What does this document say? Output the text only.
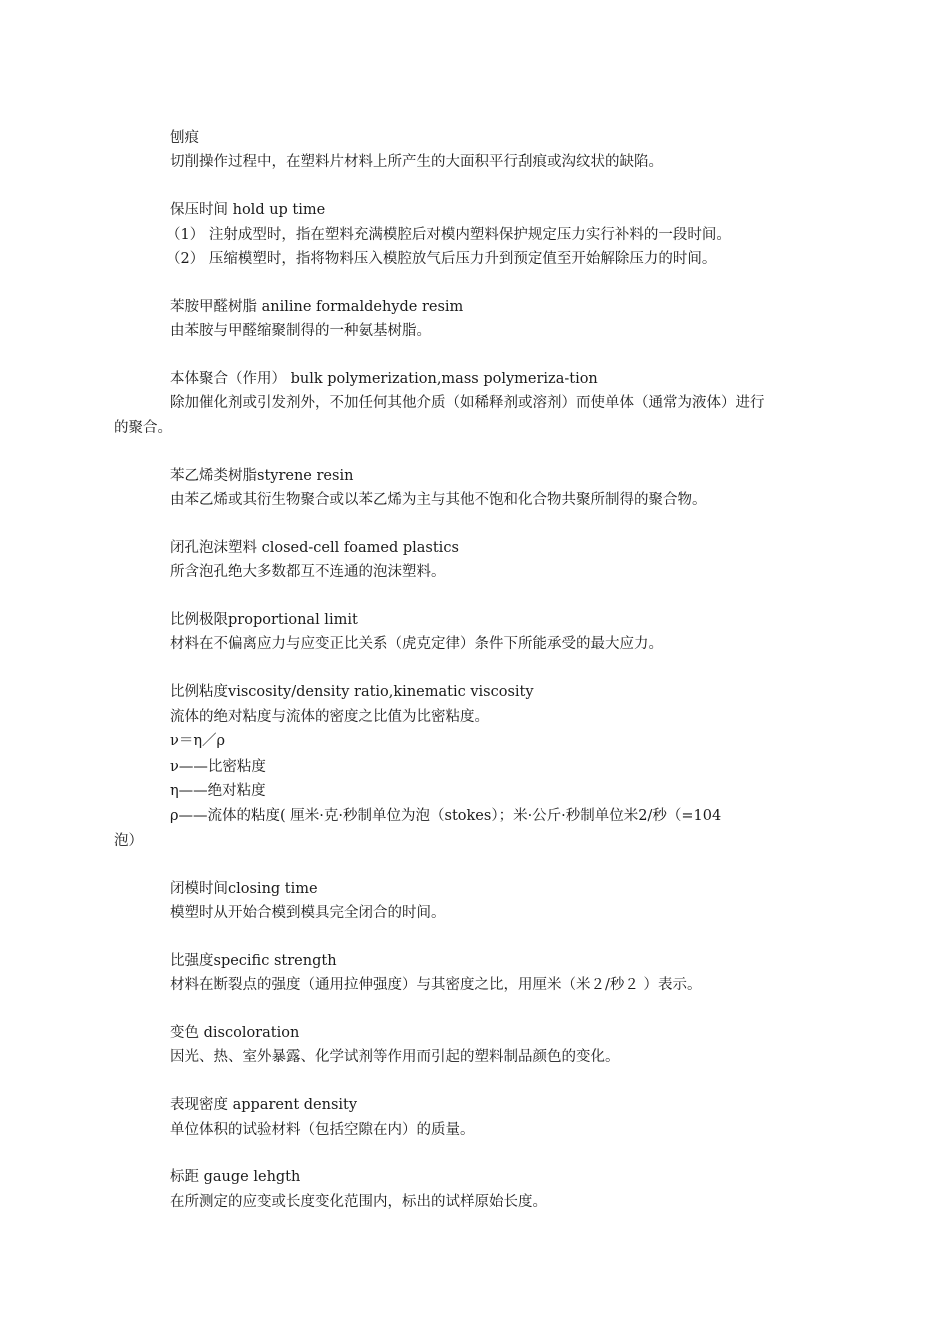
刨痕
切削操作过程中，在塑料片材料上所产生的大面积平行刮痕或沟纹状的缺陷。
保压时间 hold up time
（1） 注射成型时，指在塑料充满模腔后对模内塑料保护规定压力实行补料的一段时间。
（2） 压缩模塑时，指将物料压入模腔放气后压力升到预定值至开始解除压力的时间。
苯胺甲醛树脂 aniline formaldehyde resim
由苯胺与甲醛缩聚制得的一种氨基树脂。
本体聚合（作用） bulk polymerization,mass polymeriza-tion
除加催化剂或引发剂外，不加任何其他介质（如稀释剂或溶剂）而使单体（通常为液体）进行
的聚合。
苯乙烯类树脂styrene resin
由苯乙烯或其衍生物聚合或以苯乙烯为主与其他不饱和化合物共聚所制得的聚合物。
闭孔泡沫塑料 closed-cell foamed plastics
所含泡孔绝大多数都互不连通的泡沫塑料。
比例极限proportional limit
材料在不偏离应力与应变正比关系（虎克定律）条件下所能承受的最大应力。
比例粘度viscosity/density ratio,kinematic viscosity
流体的绝对粘度与流体的密度之比值为比密粘度。
ν＝η／ρ
ν——比密粘度
η——绝对粘度
ρ——流体的粘度( 厘米·克·秒制单位为泡（stokes）；米·公斤·秒制单位米2/秒（=104
泡）
闭模时间closing time
模塑时从开始合模到模具完全闭合的时间。
比强度specific strength
材料在断裂点的强度（通用拉伸强度）与其密度之比，用厘米（米２/秒２ ）表示。
变色 discoloration
因光、热、室外暴露、化学试剂等作用而引起的塑料制品颜色的变化。
表现密度 apparent density
单位体积的试验材料（包括空隙在内）的质量。
标距 gauge lehgth
在所测定的应变或长度变化范围内，标出的试样原始长度。
